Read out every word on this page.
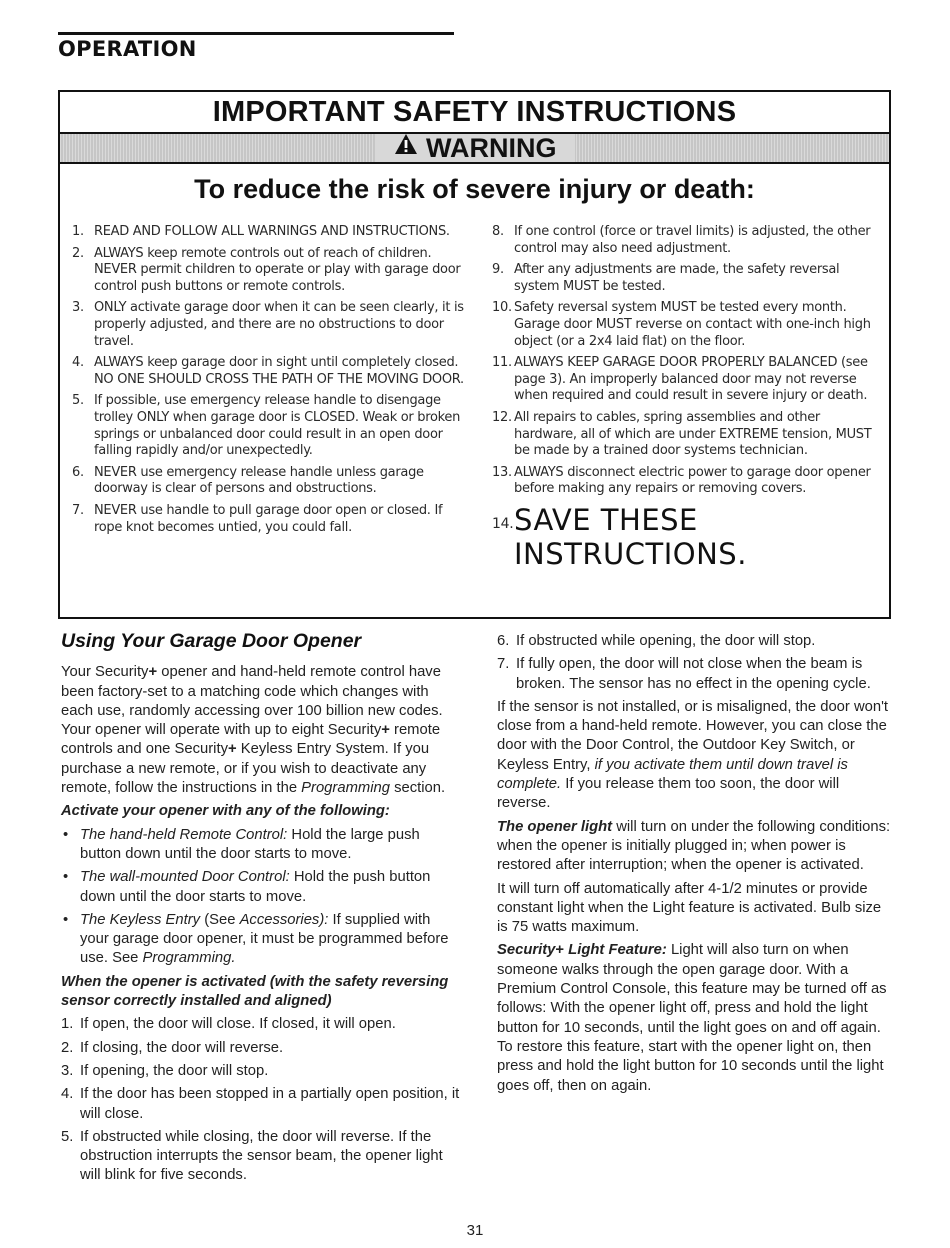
OPERATION
IMPORTANT SAFETY INSTRUCTIONS
WARNING
To reduce the risk of severe injury or death:
1. READ AND FOLLOW ALL WARNINGS AND INSTRUCTIONS.
2. ALWAYS keep remote controls out of reach of children. NEVER permit children to operate or play with garage door control push buttons or remote controls.
3. ONLY activate garage door when it can be seen clearly, it is properly adjusted, and there are no obstructions to door travel.
4. ALWAYS keep garage door in sight until completely closed. NO ONE SHOULD CROSS THE PATH OF THE MOVING DOOR.
5. If possible, use emergency release handle to disengage trolley ONLY when garage door is CLOSED. Weak or broken springs or unbalanced door could result in an open door falling rapidly and/or unexpectedly.
6. NEVER use emergency release handle unless garage doorway is clear of persons and obstructions.
7. NEVER use handle to pull garage door open or closed. If rope knot becomes untied, you could fall.
8. If one control (force or travel limits) is adjusted, the other control may also need adjustment.
9. After any adjustments are made, the safety reversal system MUST be tested.
10. Safety reversal system MUST be tested every month. Garage door MUST reverse on contact with one-inch high object (or a 2x4 laid flat) on the floor.
11. ALWAYS KEEP GARAGE DOOR PROPERLY BALANCED (see page 3). An improperly balanced door may not reverse when required and could result in severe injury or death.
12. All repairs to cables, spring assemblies and other hardware, all of which are under EXTREME tension, MUST be made by a trained door systems technician.
13. ALWAYS disconnect electric power to garage door opener before making any repairs or removing covers.
14. SAVE THESE INSTRUCTIONS.
Using Your Garage Door Opener

Your Security+ opener and hand-held remote control have been factory-set to a matching code which changes with each use, randomly accessing over 100 billion new codes. Your opener will operate with up to eight Security+ remote controls and one Security+ Keyless Entry System. If you purchase a new remote, or if you wish to deactivate any remote, follow the instructions in the Programming section.

Activate your opener with any of the following:

• The hand-held Remote Control: Hold the large push button down until the door starts to move.
• The wall-mounted Door Control: Hold the push button down until the door starts to move.
• The Keyless Entry (See Accessories): If supplied with your garage door opener, it must be programmed before use. See Programming.

When the opener is activated (with the safety reversing sensor correctly installed and aligned)

1. If open, the door will close. If closed, it will open.
2. If closing, the door will reverse.
3. If opening, the door will stop.
4. If the door has been stopped in a partially open position, it will close.
5. If obstructed while closing, the door will reverse. If the obstruction interrupts the sensor beam, the opener light will blink for five seconds.
6. If obstructed while opening, the door will stop.
7. If fully open, the door will not close when the beam is broken. The sensor has no effect in the opening cycle.

If the sensor is not installed, or is misaligned, the door won't close from a hand-held remote. However, you can close the door with the Door Control, the Outdoor Key Switch, or Keyless Entry, if you activate them until down travel is complete. If you release them too soon, the door will reverse.

The opener light will turn on under the following conditions: when the opener is initially plugged in; when power is restored after interruption; when the opener is activated.

It will turn off automatically after 4-1/2 minutes or provide constant light when the Light feature is activated. Bulb size is 75 watts maximum.

Security+ Light Feature: Light will also turn on when someone walks through the open garage door. With a Premium Control Console, this feature may be turned off as follows: With the opener light off, press and hold the light button for 10 seconds, until the light goes on and off again. To restore this feature, start with the opener light on, then press and hold the light button for 10 seconds until the light goes off, then on again.

31
